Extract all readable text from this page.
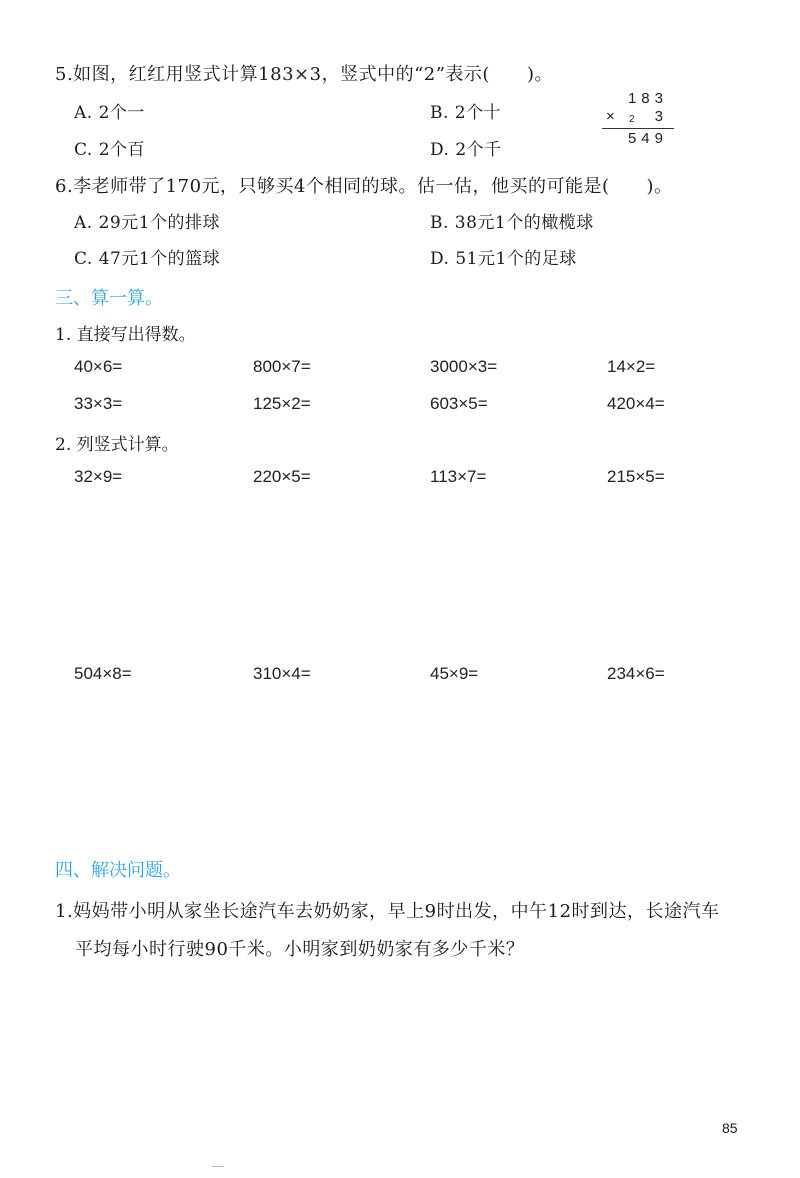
5.如图，红红用竖式计算183×3，竖式中的“2”表示(　　)。
A. 2个一	B. 2个十
C. 2个百	D. 2个千
183
× 2 3
549
6.李老师带了170元，只够买4个相同的球。估一估，他买的可能是(　　)。
A. 29元1个的排球	B. 38元1个的橄榄球
C. 47元1个的篮球	D. 51元1个的足球
三、算一算。
1. 直接写出得数。
40×6=	800×7=	3000×3=	14×2=
33×3=	125×2=	603×5=	420×4=
2. 列竖式计算。
32×9=	220×5=	113×7=	215×5=
504×8=	310×4=	45×9=	234×6=
四、解决问题。
1.妈妈带小明从家坐长途汽车去奶奶家，早上9时出发，中午12时到达，长途汽车
平均每小时行驶90千米。小明家到奶奶家有多少千米？
85
